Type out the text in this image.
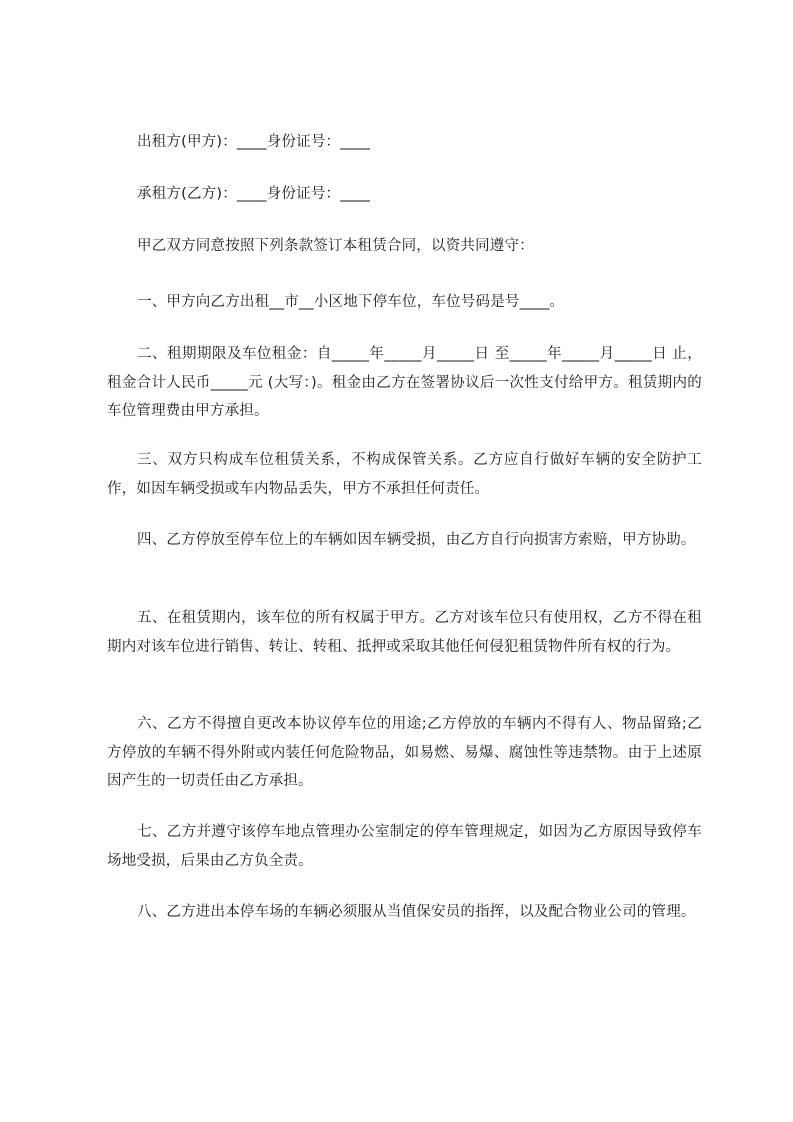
出租方(甲方)：____身份证号：____

承租方(乙方)：____身份证号：____

甲乙双方同意按照下列条款签订本租赁合同，以资共同遵守：

一、甲方向乙方出租__市__小区地下停车位，车位号码是号____。

二、租期期限及车位租金：自_____年_____月_____日 至_____年_____月_____日 止，租金合计人民币_____元 (大写：)。租金由乙方在签署协议后一次性支付给甲方。租赁期内的车位管理费由甲方承担。

三、双方只构成车位租赁关系，不构成保管关系。乙方应自行做好车辆的安全防护工作，如因车辆受损或车内物品丢失，甲方不承担任何责任。

四、乙方停放至停车位上的车辆如因车辆受损，由乙方自行向损害方索赔，甲方协助。

五、在租赁期内，该车位的所有权属于甲方。乙方对该车位只有使用权，乙方不得在租期内对该车位进行销售、转让、转租、抵押或采取其他任何侵犯租赁物件所有权的行为。

六、乙方不得擅自更改本协议停车位的用途;乙方停放的车辆内不得有人、物品留臵;乙方停放的车辆不得外附或内装任何危险物品，如易燃、易爆、腐蚀性等违禁物。由于上述原因产生的一切责任由乙方承担。

七、乙方并遵守该停车地点管理办公室制定的停车管理规定，如因为乙方原因导致停车场地受损，后果由乙方负全责。

八、乙方进出本停车场的车辆必须服从当值保安员的指挥，以及配合物业公司的管理。
